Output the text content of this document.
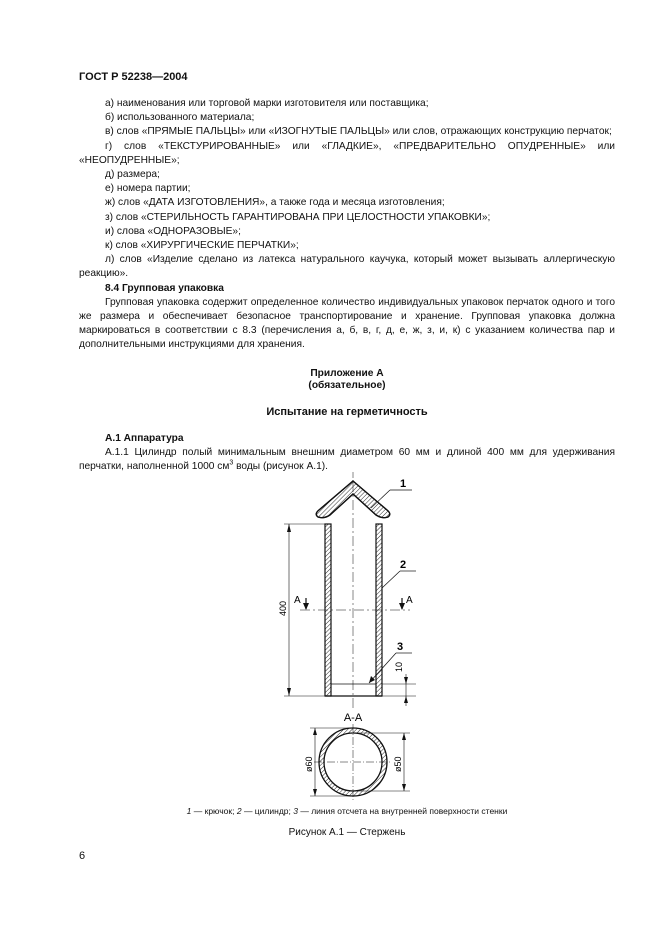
ГОСТ Р 52238—2004

а) наименования или торговой марки изготовителя или поставщика;

б) использованного материала;

в) слов «ПРЯМЫЕ ПАЛЬЦЫ» или «ИЗОГНУТЫЕ ПАЛЬЦЫ» или слов, отражающих конструкцию перчаток;

г) слов «ТЕКСТУРИРОВАННЫЕ» или «ГЛАДКИЕ», «ПРЕДВАРИТЕЛЬНО ОПУДРЕННЫЕ» или «НЕОПУДРЕННЫЕ»;

д) размера;

е) номера партии;

ж) слов «ДАТА ИЗГОТОВЛЕНИЯ», а также года и месяца изготовления;

з) слов «СТЕРИЛЬНОСТЬ ГАРАНТИРОВАНА ПРИ ЦЕЛОСТНОСТИ УПАКОВКИ»;

и) слова «ОДНОРАЗОВЫЕ»;

к) слов «ХИРУРГИЧЕСКИЕ ПЕРЧАТКИ»;

л) слов «Изделие сделано из латекса натурального каучука, который может вызывать аллергическую реакцию».

8.4 Групповая упаковка

Групповая упаковка содержит определенное количество индивидуальных упаковок перчаток одного и того же размера и обеспечивает безопасное транспортирование и хранение. Групповая упаковка должна маркироваться в соответствии с 8.3 (перечисления а, б, в, г, д, е, ж, з, и, к) с указанием количества пар и дополнительными инструкциями для хранения.

Приложение А
(обязательное)
Испытание на герметичность

А.1 Аппаратура

А.1.1 Цилиндр полый минимальным внешним диаметром 60 мм и длиной 400 мм для удерживания перчатки, наполненной 1000 $см^3$ воды (рисунок А.1).

А	А
400
10
1
2
3
А-А
ø60	ø50
1 — крючок; 2 — цилиндр; 3 — линия отсчета на внутренней поверхности стенки
Рисунок А.1 — Стержень
6
